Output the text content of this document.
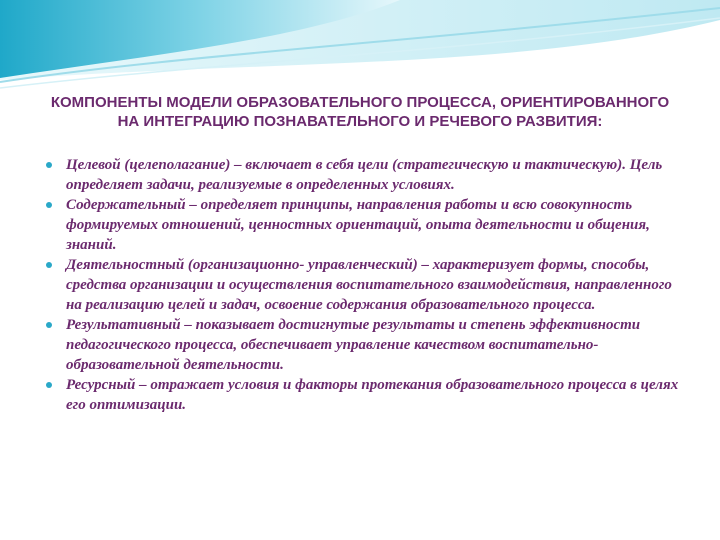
КОМПОНЕНТЫ МОДЕЛИ ОБРАЗОВАТЕЛЬНОГО ПРОЦЕССА, ОРИЕНТИРОВАННОГО НА ИНТЕГРАЦИЮ ПОЗНАВАТЕЛЬНОГО И РЕЧЕВОГО РАЗВИТИЯ:
Целевой (целеполагание) – включает в себя цели (стратегическую и тактическую). Цель определяет задачи, реализуемые в определенных условиях.
Содержательный – определяет принципы, направления работы и всю совокупность формируемых отношений, ценностных ориентаций, опыта деятельности и общения, знаний.
Деятельностный (организационно- управленческий) – характеризует формы, способы, средства организации и осуществления воспитательного взаимодействия, направленного на реализацию целей и задач, освоение содержания образовательного процесса.
Результативный – показывает достигнутые результаты и степень эффективности педагогического процесса, обеспечивает управление качеством воспитательно-образовательной деятельности.
Ресурсный – отражает условия и факторы протекания образовательного процесса в целях его оптимизации.
